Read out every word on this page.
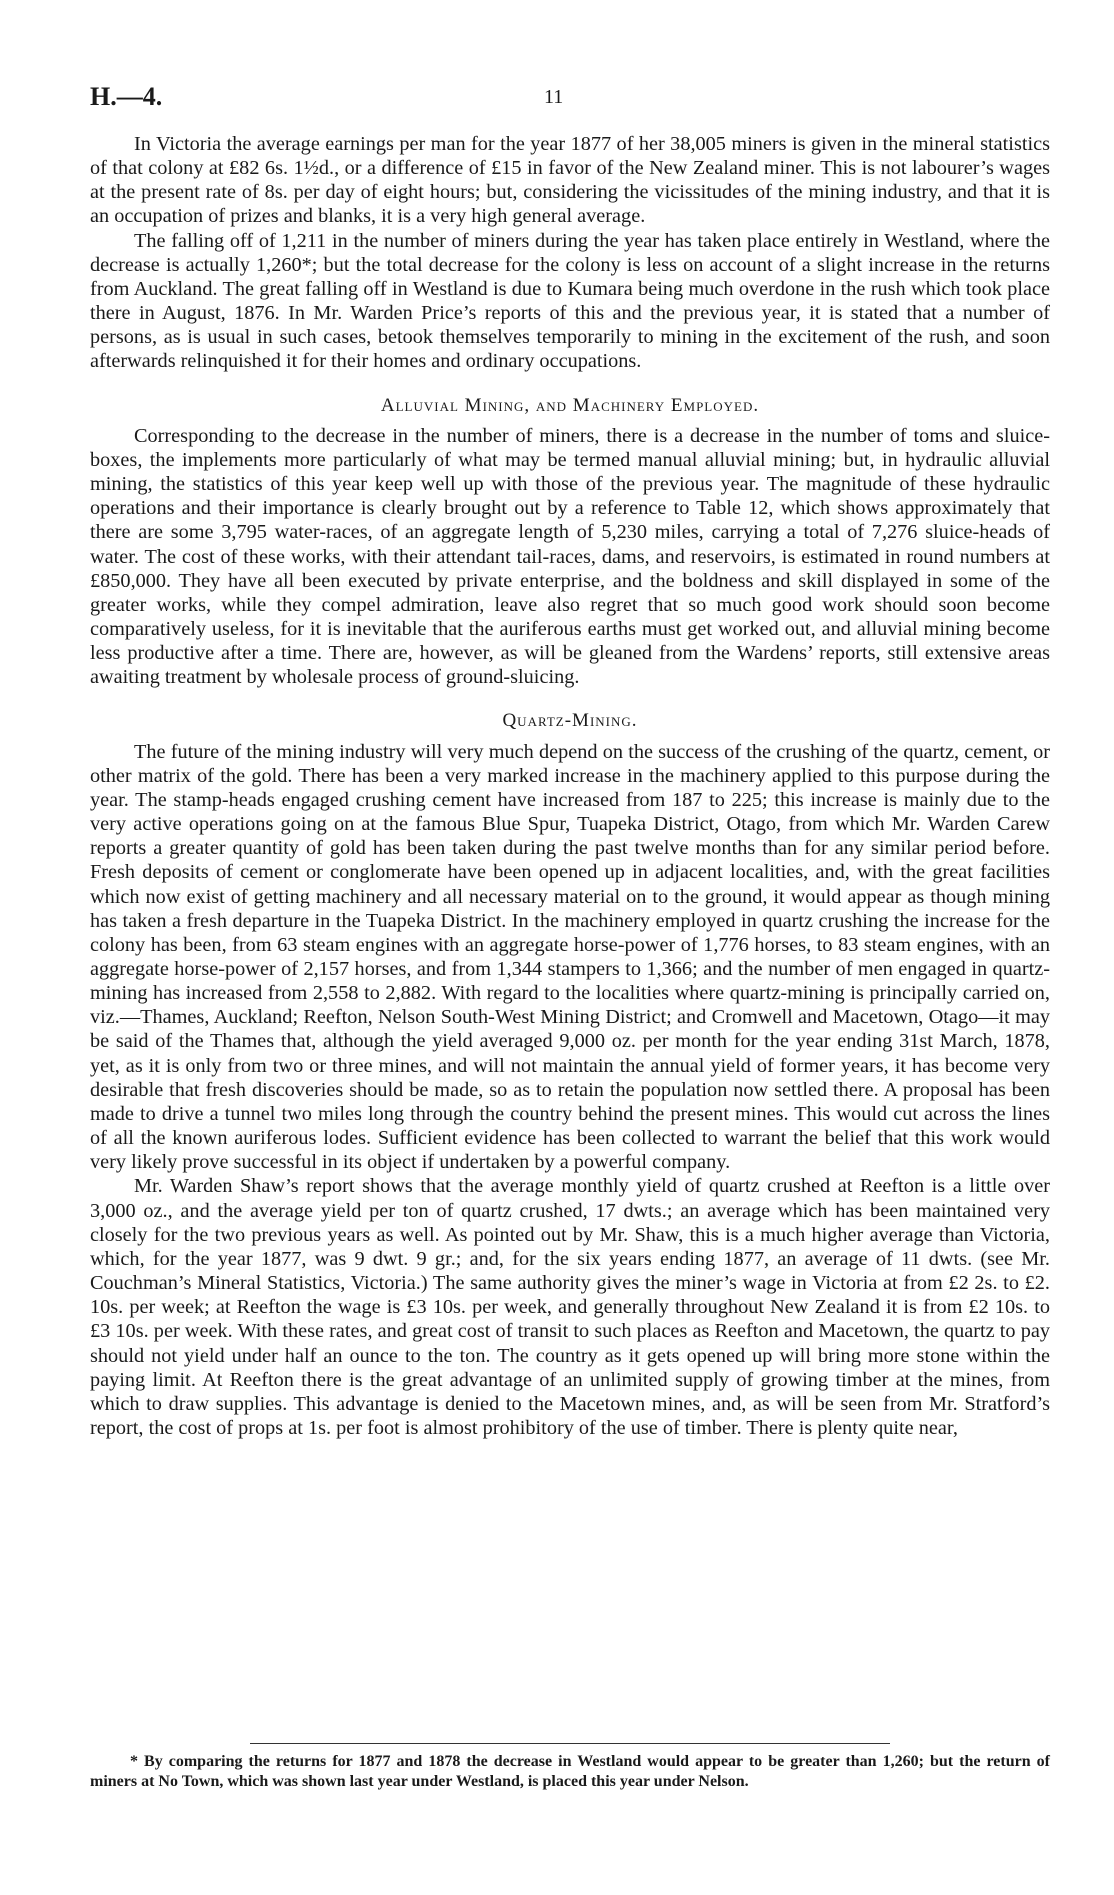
H.—4.	11

In Victoria the average earnings per man for the year 1877 of her 38,005 miners is given in the mineral statistics of that colony at £82 6s. 1½d., or a difference of £15 in favor of the New Zealand miner. This is not labourer’s wages at the present rate of 8s. per day of eight hours; but, considering the vicissitudes of the mining industry, and that it is an occupation of prizes and blanks, it is a very high general average.

The falling off of 1,211 in the number of miners during the year has taken place entirely in Westland, where the decrease is actually 1,260*; but the total decrease for the colony is less on account of a slight increase in the returns from Auckland. The great falling off in Westland is due to Kumara being much overdone in the rush which took place there in August, 1876. In Mr. Warden Price’s reports of this and the previous year, it is stated that a number of persons, as is usual in such cases, betook themselves temporarily to mining in the excitement of the rush, and soon afterwards relinquished it for their homes and ordinary occupations.

Alluvial Mining, and Machinery Employed.

Corresponding to the decrease in the number of miners, there is a decrease in the number of toms and sluice-boxes, the implements more particularly of what may be termed manual alluvial mining; but, in hydraulic alluvial mining, the statistics of this year keep well up with those of the previous year. The magnitude of these hydraulic operations and their importance is clearly brought out by a reference to Table 12, which shows approximately that there are some 3,795 water-races, of an aggregate length of 5,230 miles, carrying a total of 7,276 sluice-heads of water. The cost of these works, with their attendant tail-races, dams, and reservoirs, is estimated in round numbers at £850,000. They have all been executed by private enterprise, and the boldness and skill displayed in some of the greater works, while they compel admiration, leave also regret that so much good work should soon become comparatively useless, for it is inevitable that the auriferous earths must get worked out, and alluvial mining become less productive after a time. There are, however, as will be gleaned from the Wardens’ reports, still extensive areas awaiting treatment by wholesale process of ground-sluicing.

Quartz-Mining.

The future of the mining industry will very much depend on the success of the crushing of the quartz, cement, or other matrix of the gold. There has been a very marked increase in the machinery applied to this purpose during the year. The stamp-heads engaged crushing cement have increased from 187 to 225; this increase is mainly due to the very active operations going on at the famous Blue Spur, Tuapeka District, Otago, from which Mr. Warden Carew reports a greater quantity of gold has been taken during the past twelve months than for any similar period before. Fresh deposits of cement or conglomerate have been opened up in adjacent localities, and, with the great facilities which now exist of getting machinery and all necessary material on to the ground, it would appear as though mining has taken a fresh departure in the Tuapeka District. In the machinery employed in quartz crushing the increase for the colony has been, from 63 steam engines with an aggregate horse-power of 1,776 horses, to 83 steam engines, with an aggregate horse-power of 2,157 horses, and from 1,344 stampers to 1,366; and the number of men engaged in quartz-mining has increased from 2,558 to 2,882. With regard to the localities where quartz-mining is principally carried on, viz.—Thames, Auckland; Reefton, Nelson South-West Mining District; and Cromwell and Macetown, Otago—it may be said of the Thames that, although the yield averaged 9,000 oz. per month for the year ending 31st March, 1878, yet, as it is only from two or three mines, and will not maintain the annual yield of former years, it has become very desirable that fresh discoveries should be made, so as to retain the population now settled there. A proposal has been made to drive a tunnel two miles long through the country behind the present mines. This would cut across the lines of all the known auriferous lodes. Sufficient evidence has been collected to warrant the belief that this work would very likely prove successful in its object if undertaken by a powerful company.

Mr. Warden Shaw’s report shows that the average monthly yield of quartz crushed at Reefton is a little over 3,000 oz., and the average yield per ton of quartz crushed, 17 dwts.; an average which has been maintained very closely for the two previous years as well. As pointed out by Mr. Shaw, this is a much higher average than Victoria, which, for the year 1877, was 9 dwt. 9 gr.; and, for the six years ending 1877, an average of 11 dwts. (see Mr. Couchman’s Mineral Statistics, Victoria.) The same authority gives the miner’s wage in Victoria at from £2 2s. to £2. 10s. per week; at Reefton the wage is £3 10s. per week, and generally throughout New Zealand it is from £2 10s. to £3 10s. per week. With these rates, and great cost of transit to such places as Reefton and Macetown, the quartz to pay should not yield under half an ounce to the ton. The country as it gets opened up will bring more stone within the paying limit. At Reefton there is the great advantage of an unlimited supply of growing timber at the mines, from which to draw supplies. This advantage is denied to the Macetown mines, and, as will be seen from Mr. Stratford’s report, the cost of props at 1s. per foot is almost prohibitory of the use of timber. There is plenty quite near,

* By comparing the returns for 1877 and 1878 the decrease in Westland would appear to be greater than 1,260; but the return of miners at No Town, which was shown last year under Westland, is placed this year under Nelson.
